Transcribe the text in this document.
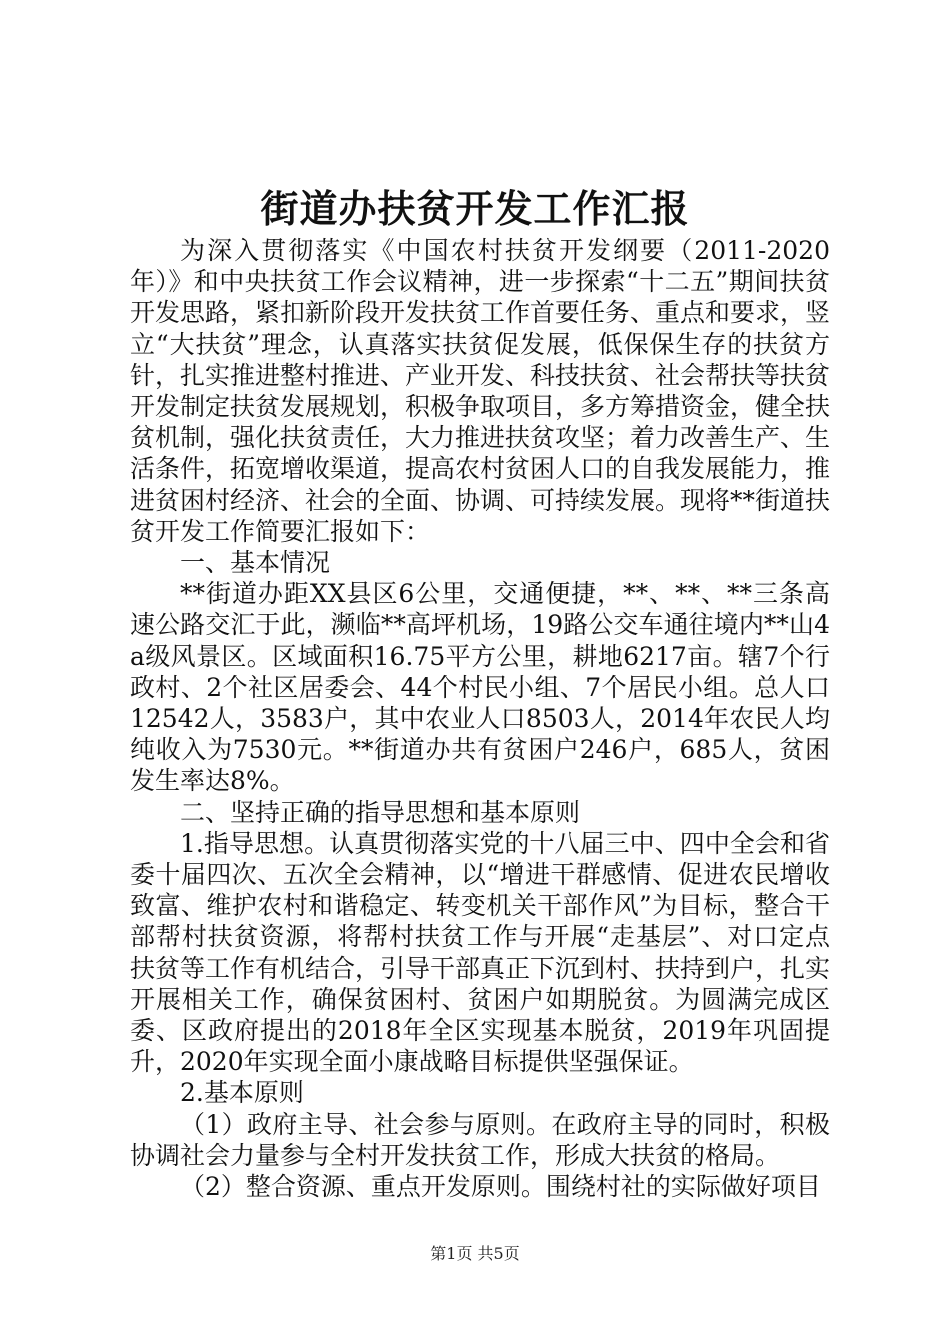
街道办扶贫开发工作汇报

为深入贯彻落实《中国农村扶贫开发纲要（2011-2020年）》和中央扶贫工作会议精神，进一步探索“十二五”期间扶贫开发思路，紧扣新阶段开发扶贫工作首要任务、重点和要求，竖立“大扶贫”理念，认真落实扶贫促发展，低保保生存的扶贫方针，扎实推进整村推进、产业开发、科技扶贫、社会帮扶等扶贫开发制定扶贫发展规划，积极争取项目，多方筹措资金，健全扶贫机制，强化扶贫责任，大力推进扶贫攻坚；着力改善生产、生活条件，拓宽增收渠道，提高农村贫困人口的自我发展能力，推进贫困村经济、社会的全面、协调、可持续发展。现将**街道扶贫开发工作简要汇报如下：

一、基本情况

**街道办距XX县区6公里，交通便捷，**、**、**三条高速公路交汇于此，濒临**高坪机场，19路公交车通往境内**山4a级风景区。区域面积16.75平方公里，耕地6217亩。辖7个行政村、2个社区居委会、44个村民小组、7个居民小组。总人口12542人，3583户，其中农业人口8503人，2014年农民人均纯收入为7530元。**街道办共有贫困户246户，685人，贫困发生率达8%。

二、坚持正确的指导思想和基本原则

1.指导思想。认真贯彻落实党的十八届三中、四中全会和省委十届四次、五次全会精神，以“增进干群感情、促进农民增收致富、维护农村和谐稳定、转变机关干部作风”为目标，整合干部帮村扶贫资源，将帮村扶贫工作与开展“走基层”、对口定点扶贫等工作有机结合，引导干部真正下沉到村、扶持到户，扎实开展相关工作，确保贫困村、贫困户如期脱贫。为圆满完成区委、区政府提出的2018年全区实现基本脱贫，2019年巩固提升，2020年实现全面小康战略目标提供坚强保证。

2.基本原则

（1）政府主导、社会参与原则。在政府主导的同时，积极协调社会力量参与全村开发扶贫工作，形成大扶贫的格局。

（2）整合资源、重点开发原则。围绕村社的实际做好项目

第1页 共5页
